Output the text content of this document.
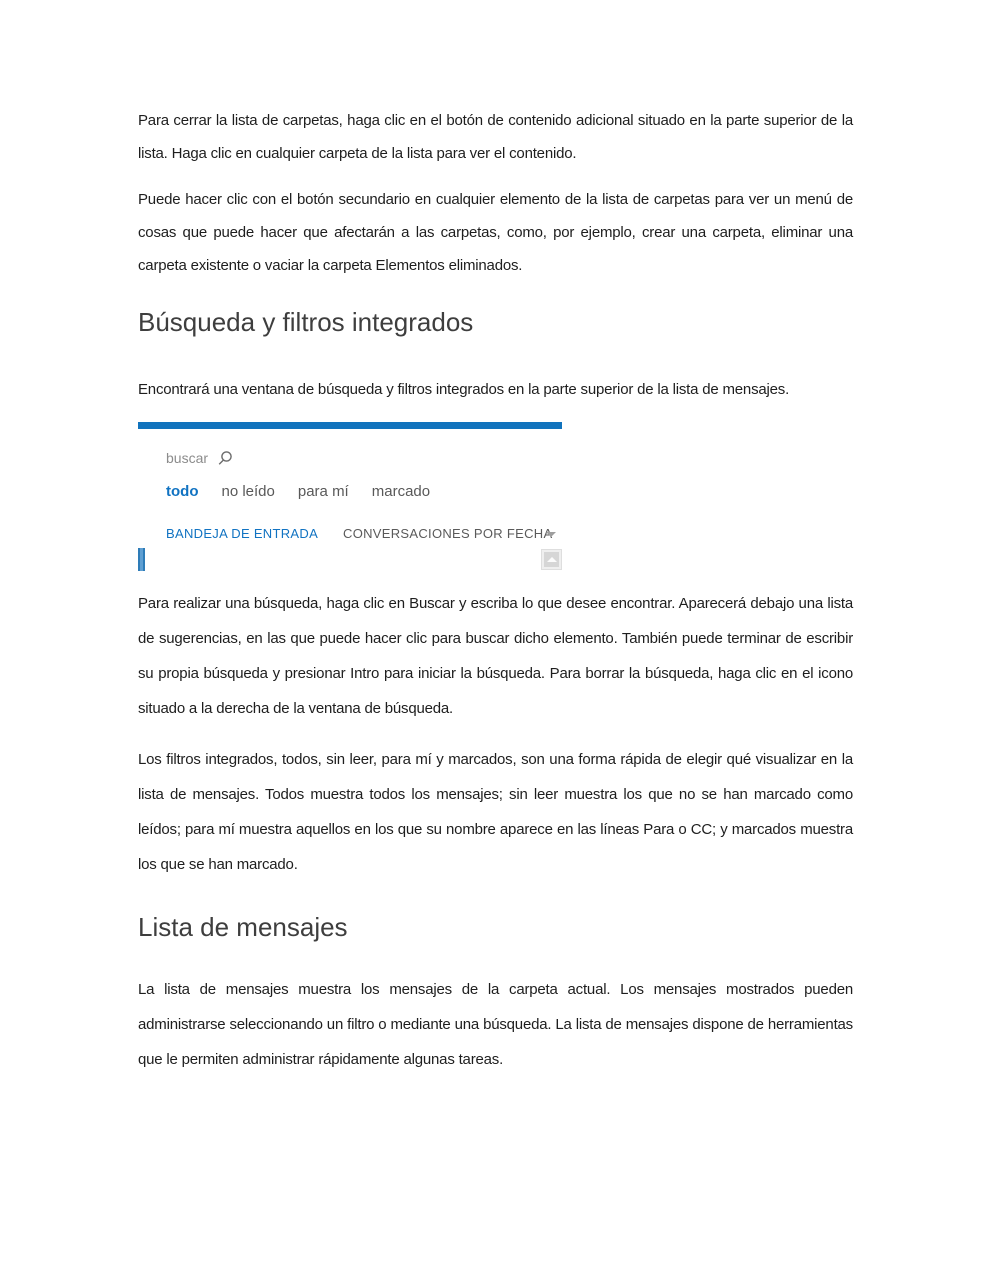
Para cerrar la lista de carpetas, haga clic en el botón de contenido adicional situado en la parte superior de la lista. Haga clic en cualquier carpeta de la lista para ver el contenido.

Puede hacer clic con el botón secundario en cualquier elemento de la lista de carpetas para ver un menú de cosas que puede hacer que afectarán a las carpetas, como, por ejemplo, crear una carpeta, eliminar una carpeta existente o vaciar la carpeta Elementos eliminados.

Búsqueda y filtros integrados

Encontrará una ventana de búsqueda y filtros integrados en la parte superior de la lista de mensajes.

buscar
todo no leído para mí marcado
BANDEJA DE ENTRADA CONVERSACIONES POR FECHA

Para realizar una búsqueda, haga clic en Buscar y escriba lo que desee encontrar. Aparecerá debajo una lista de sugerencias, en las que puede hacer clic para buscar dicho elemento. También puede terminar de escribir su propia búsqueda y presionar Intro para iniciar la búsqueda. Para borrar la búsqueda, haga clic en el icono situado a la derecha de la ventana de búsqueda.

Los filtros integrados, todos, sin leer, para mí y marcados, son una forma rápida de elegir qué visualizar en la lista de mensajes. Todos muestra todos los mensajes; sin leer muestra los que no se han marcado como leídos; para mí muestra aquellos en los que su nombre aparece en las líneas Para o CC; y marcados muestra los que se han marcado.

Lista de mensajes

La lista de mensajes muestra los mensajes de la carpeta actual. Los mensajes mostrados pueden administrarse seleccionando un filtro o mediante una búsqueda. La lista de mensajes dispone de herramientas que le permiten administrar rápidamente algunas tareas.
